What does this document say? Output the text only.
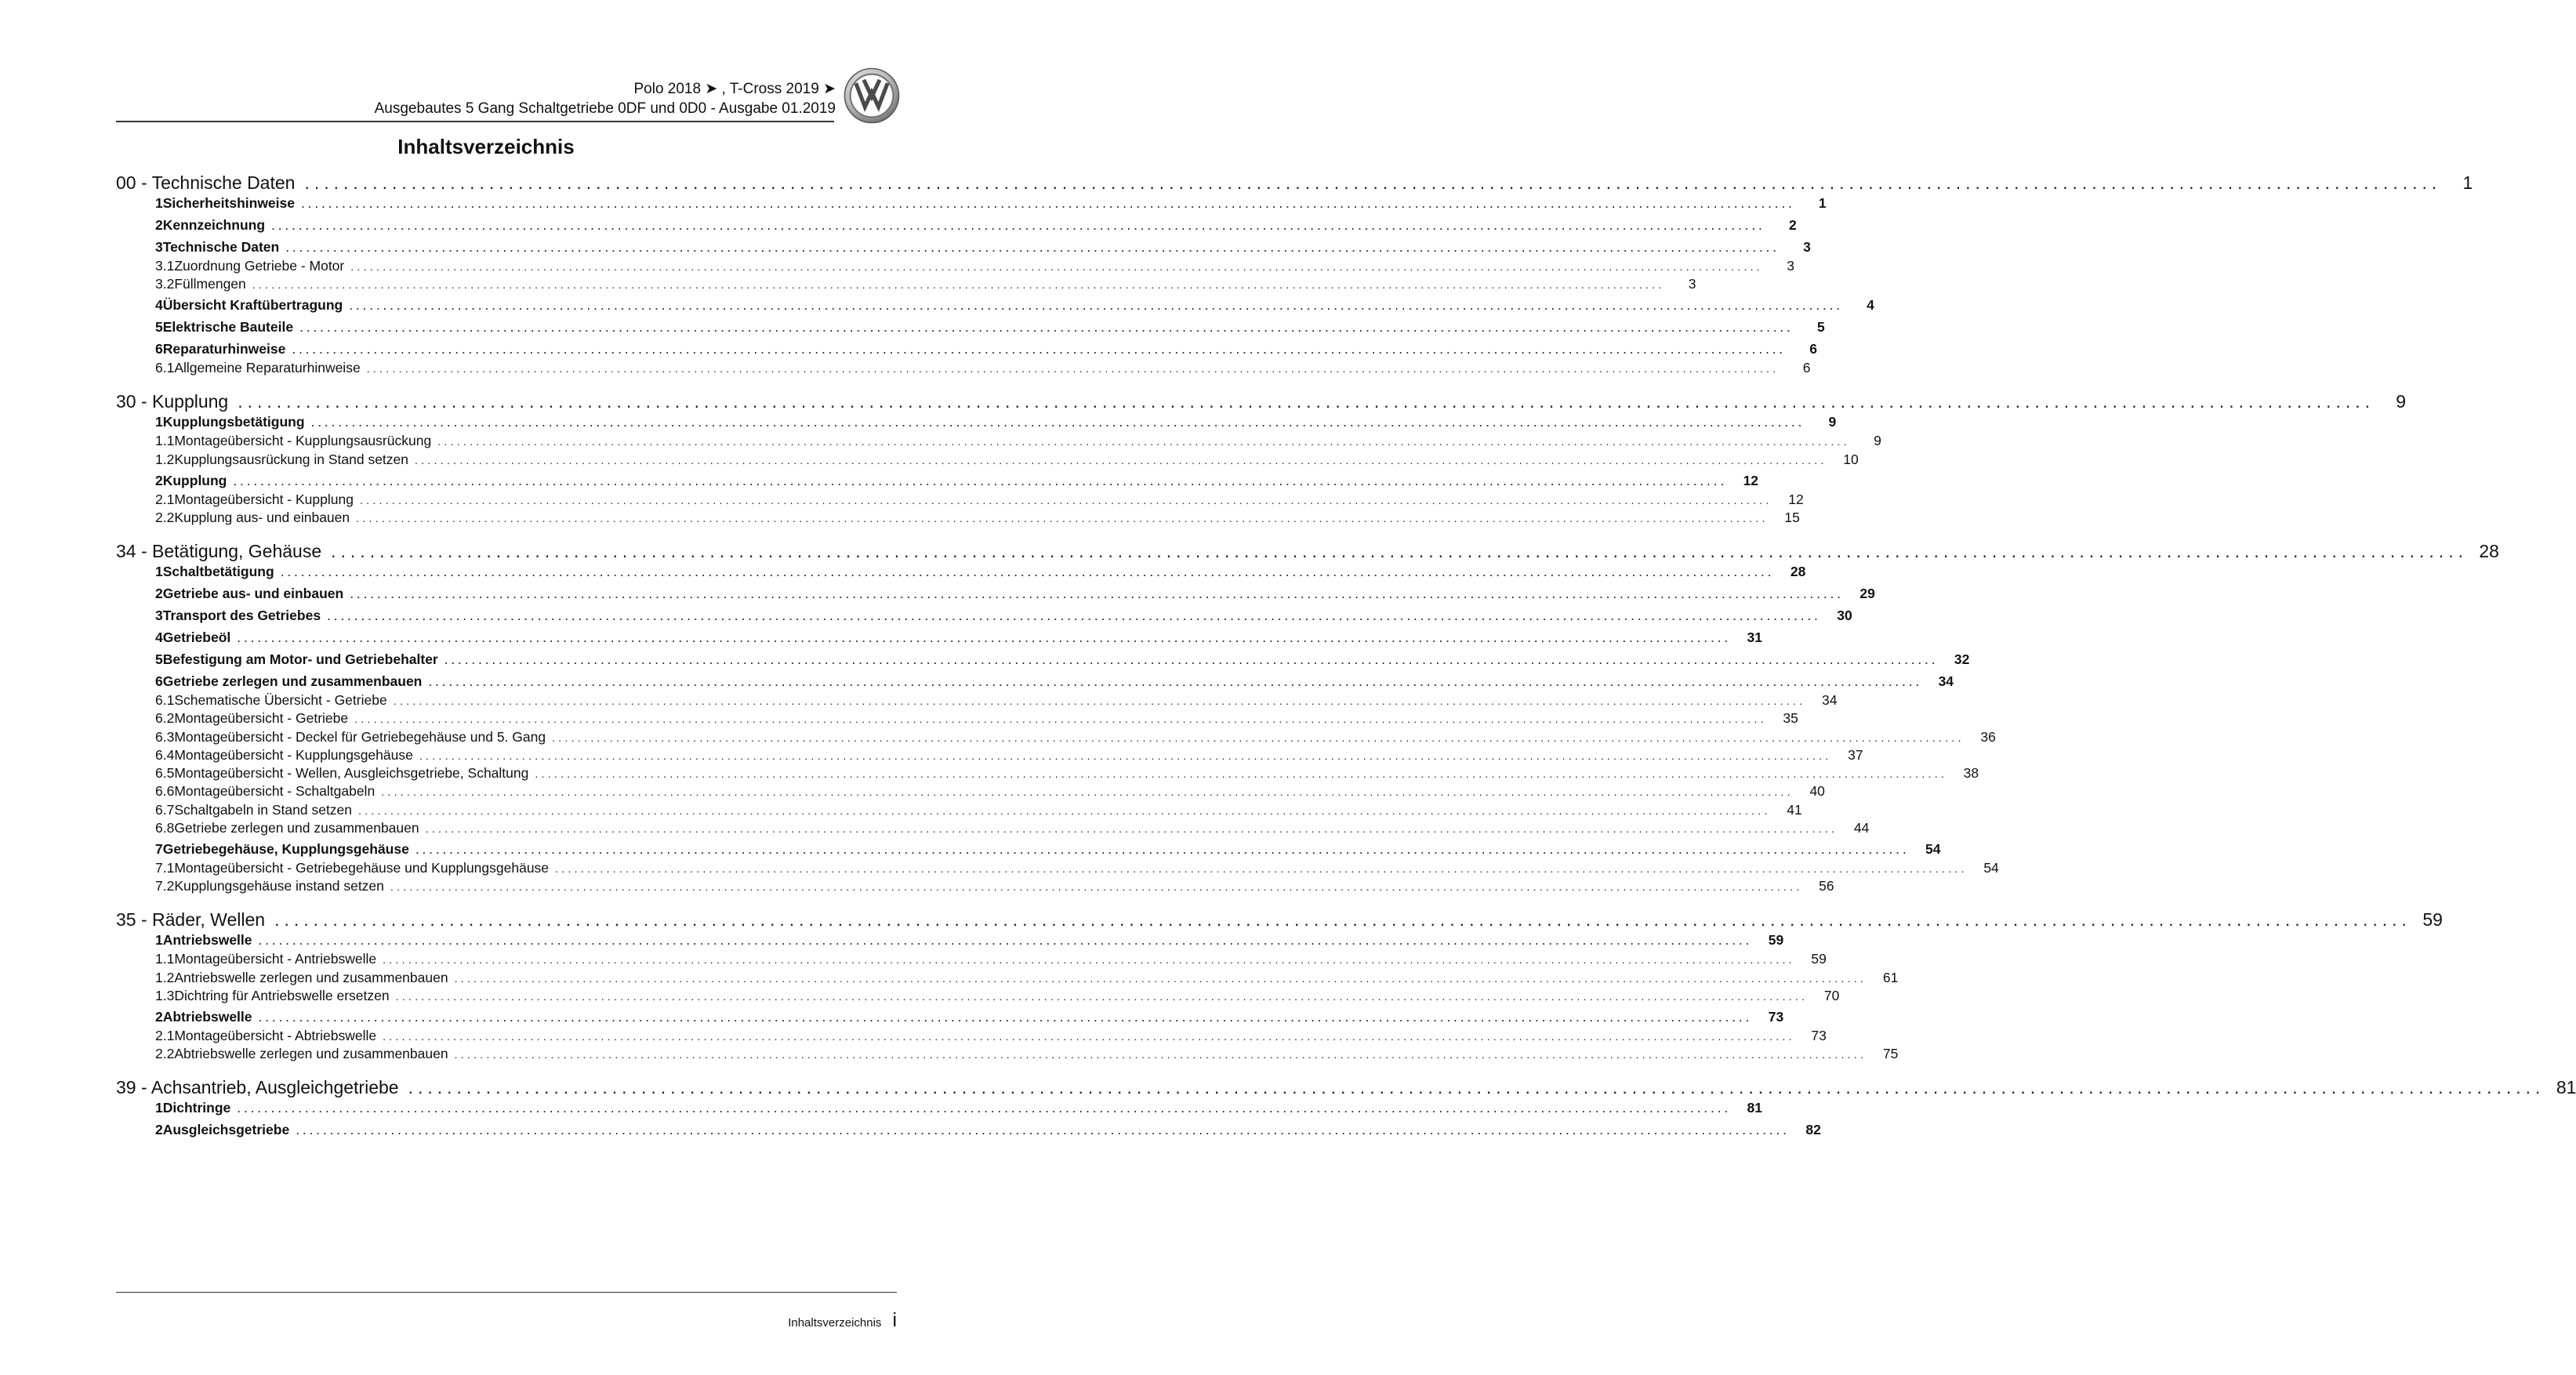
Polo 2018 ➤ , T-Cross 2019 ➤
Ausgebautes 5 Gang Schaltgetriebe 0DF und 0D0 - Ausgabe 01.2019
Inhaltsverzeichnis
00 - Technische Daten ............................................................................................................................................................................................................................	1
1 Sicherheitshinweise ............................................................................................................................................................................................................................	1
2 Kennzeichnung ............................................................................................................................................................................................................................	2
3 Technische Daten ............................................................................................................................................................................................................................	3
3.1 Zuordnung Getriebe - Motor ............................................................................................................................................................................................................................	3
3.2 Füllmengen ............................................................................................................................................................................................................................	3
4 Übersicht Kraftübertragung ............................................................................................................................................................................................................................	4
5 Elektrische Bauteile ............................................................................................................................................................................................................................	5
6 Reparaturhinweise ............................................................................................................................................................................................................................	6
6.1 Allgemeine Reparaturhinweise ............................................................................................................................................................................................................................	6
30 - Kupplung ............................................................................................................................................................................................................................	9
1 Kupplungsbetätigung ............................................................................................................................................................................................................................	9
1.1 Montageübersicht - Kupplungsausrückung ............................................................................................................................................................................................................................	9
1.2 Kupplungsausrückung in Stand setzen ............................................................................................................................................................................................................................	10
2 Kupplung ............................................................................................................................................................................................................................	12
2.1 Montageübersicht - Kupplung ............................................................................................................................................................................................................................	12
2.2 Kupplung aus- und einbauen ............................................................................................................................................................................................................................	15
34 - Betätigung, Gehäuse ............................................................................................................................................................................................................................ 28
1 Schaltbetätigung ............................................................................................................................................................................................................................	28
2 Getriebe aus- und einbauen ............................................................................................................................................................................................................................	29
3 Transport des Getriebes ............................................................................................................................................................................................................................	30
4 Getriebeöl ............................................................................................................................................................................................................................	31
5 Befestigung am Motor- und Getriebehalter ............................................................................................................................................................................................................................	32
6 Getriebe zerlegen und zusammenbauen ............................................................................................................................................................................................................................	34
6.1 Schematische Übersicht - Getriebe ............................................................................................................................................................................................................................	34
6.2 Montageübersicht - Getriebe ............................................................................................................................................................................................................................	35
6.3 Montageübersicht - Deckel für Getriebegehäuse und 5. Gang ............................................................................................................................................................................................................................	36
6.4 Montageübersicht - Kupplungsgehäuse ............................................................................................................................................................................................................................	37
6.5 Montageübersicht - Wellen, Ausgleichsgetriebe, Schaltung ............................................................................................................................................................................................................................	38
6.6 Montageübersicht - Schaltgabeln ............................................................................................................................................................................................................................	40
6.7 Schaltgabeln in Stand setzen ............................................................................................................................................................................................................................	41
6.8 Getriebe zerlegen und zusammenbauen ............................................................................................................................................................................................................................	44
7 Getriebegehäuse, Kupplungsgehäuse ............................................................................................................................................................................................................................	54
7.1 Montageübersicht - Getriebegehäuse und Kupplungsgehäuse ............................................................................................................................................................................................................................	54
7.2 Kupplungsgehäuse instand setzen ............................................................................................................................................................................................................................	56
35 - Räder, Wellen ............................................................................................................................................................................................................................ 59
1 Antriebswelle ............................................................................................................................................................................................................................	59
1.1 Montageübersicht - Antriebswelle ............................................................................................................................................................................................................................	59
1.2 Antriebswelle zerlegen und zusammenbauen ............................................................................................................................................................................................................................	61
1.3 Dichtring für Antriebswelle ersetzen ............................................................................................................................................................................................................................	70
2 Abtriebswelle ............................................................................................................................................................................................................................	73
2.1 Montageübersicht - Abtriebswelle ............................................................................................................................................................................................................................	73
2.2 Abtriebswelle zerlegen und zusammenbauen ............................................................................................................................................................................................................................	75
39 - Achsantrieb, Ausgleichgetriebe ............................................................................................................................................................................................................................ 81
1 Dichtringe ............................................................................................................................................................................................................................	81
2 Ausgleichsgetriebe ............................................................................................................................................................................................................................	82
Inhaltsverzeichnis i
